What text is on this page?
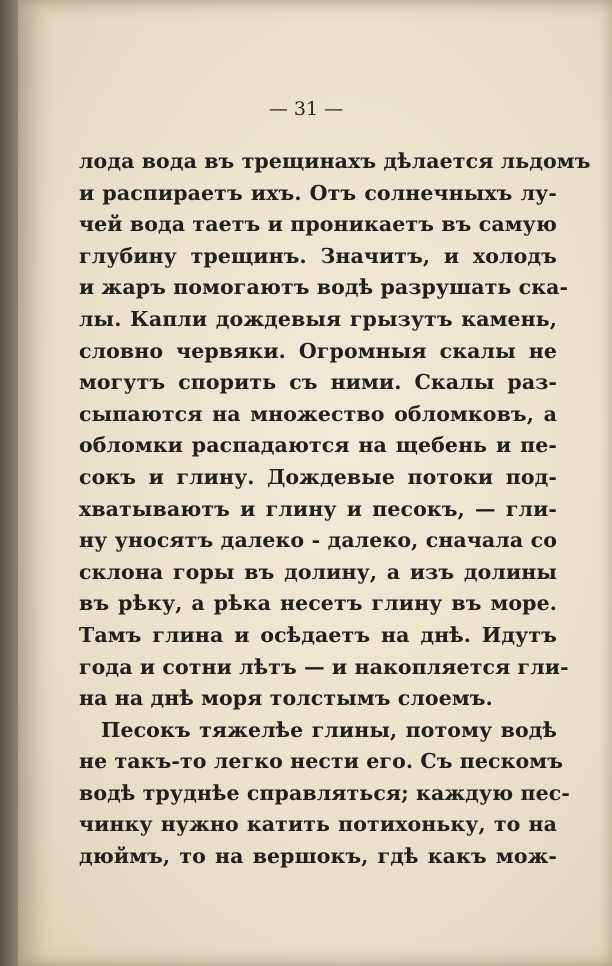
— 31 —
лода вода въ трещинахъ дѣлается льдомъ
и распираетъ ихъ. Отъ солнечныхъ лу-
чей вода таетъ и проникаетъ въ самую
глубину трещинъ. Значитъ, и холодъ
и жаръ помогаютъ водѣ разрушать ска-
лы. Капли дождевыя грызутъ камень,
словно червяки. Огромныя скалы не
могутъ спорить съ ними. Скалы раз-
сыпаются на множество обломковъ, а
обломки распадаются на щебень и пе-
сокъ и глину. Дождевые потоки под-
хватываютъ и глину и песокъ, — гли-
ну уносятъ далеко - далеко, сначала со
склона горы въ долину, а изъ долины
въ рѣку, а рѣка несетъ глину въ море.
Тамъ глина и осѣдаетъ на днѣ. Идутъ
года и сотни лѣтъ — и накопляется гли-
на на днѣ моря толстымъ слоемъ.
Песокъ тяжелѣе глины, потому водѣ
не такъ-то легко нести его. Съ пескомъ
водѣ труднѣе справляться; каждую пес-
чинку нужно катить потихоньку, то на
дюймъ, то на вершокъ, гдѣ какъ мож-
